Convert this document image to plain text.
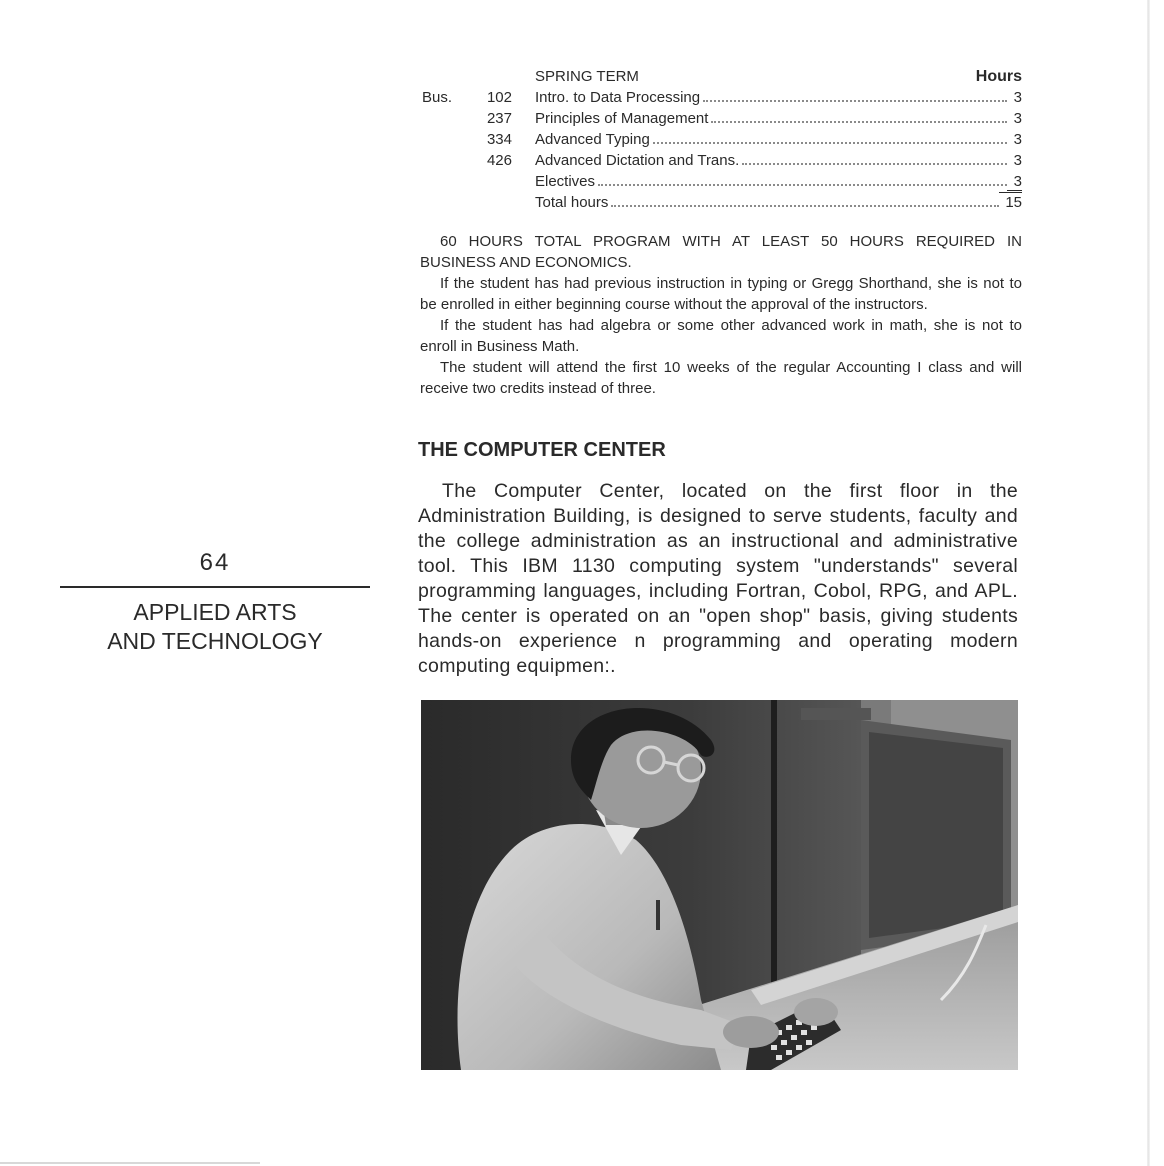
64
APPLIED ARTS
AND TECHNOLOGY
SPRING TERM	Hours
Bus.	102 Intro. to Data Processing	3
237 Principles of Management	3
334 Advanced Typing	3
426 Advanced Dictation and Trans.	3
Electives	3
Total hours	15

60 HOURS TOTAL PROGRAM WITH AT LEAST 50 HOURS REQUIRED IN BUSINESS AND ECONOMICS.

If the student has had previous instruction in typing or Gregg Shorthand, she is not to be enrolled in either beginning course without the approval of the instructors.

If the student has had algebra or some other advanced work in math, she is not to enroll in Business Math.

The student will attend the first 10 weeks of the regular Accounting I class and will receive two credits instead of three.

THE COMPUTER CENTER

The Computer Center, located on the first floor in the Administration Building, is designed to serve students, faculty and the college administration as an instructional and administrative tool. This IBM 1130 computing system "understands" several programming languages, including Fortran, Cobol, RPG, and APL. The center is operated on an "open shop" basis, giving students hands-on experience n programming and operating modern computing equipmen:.
